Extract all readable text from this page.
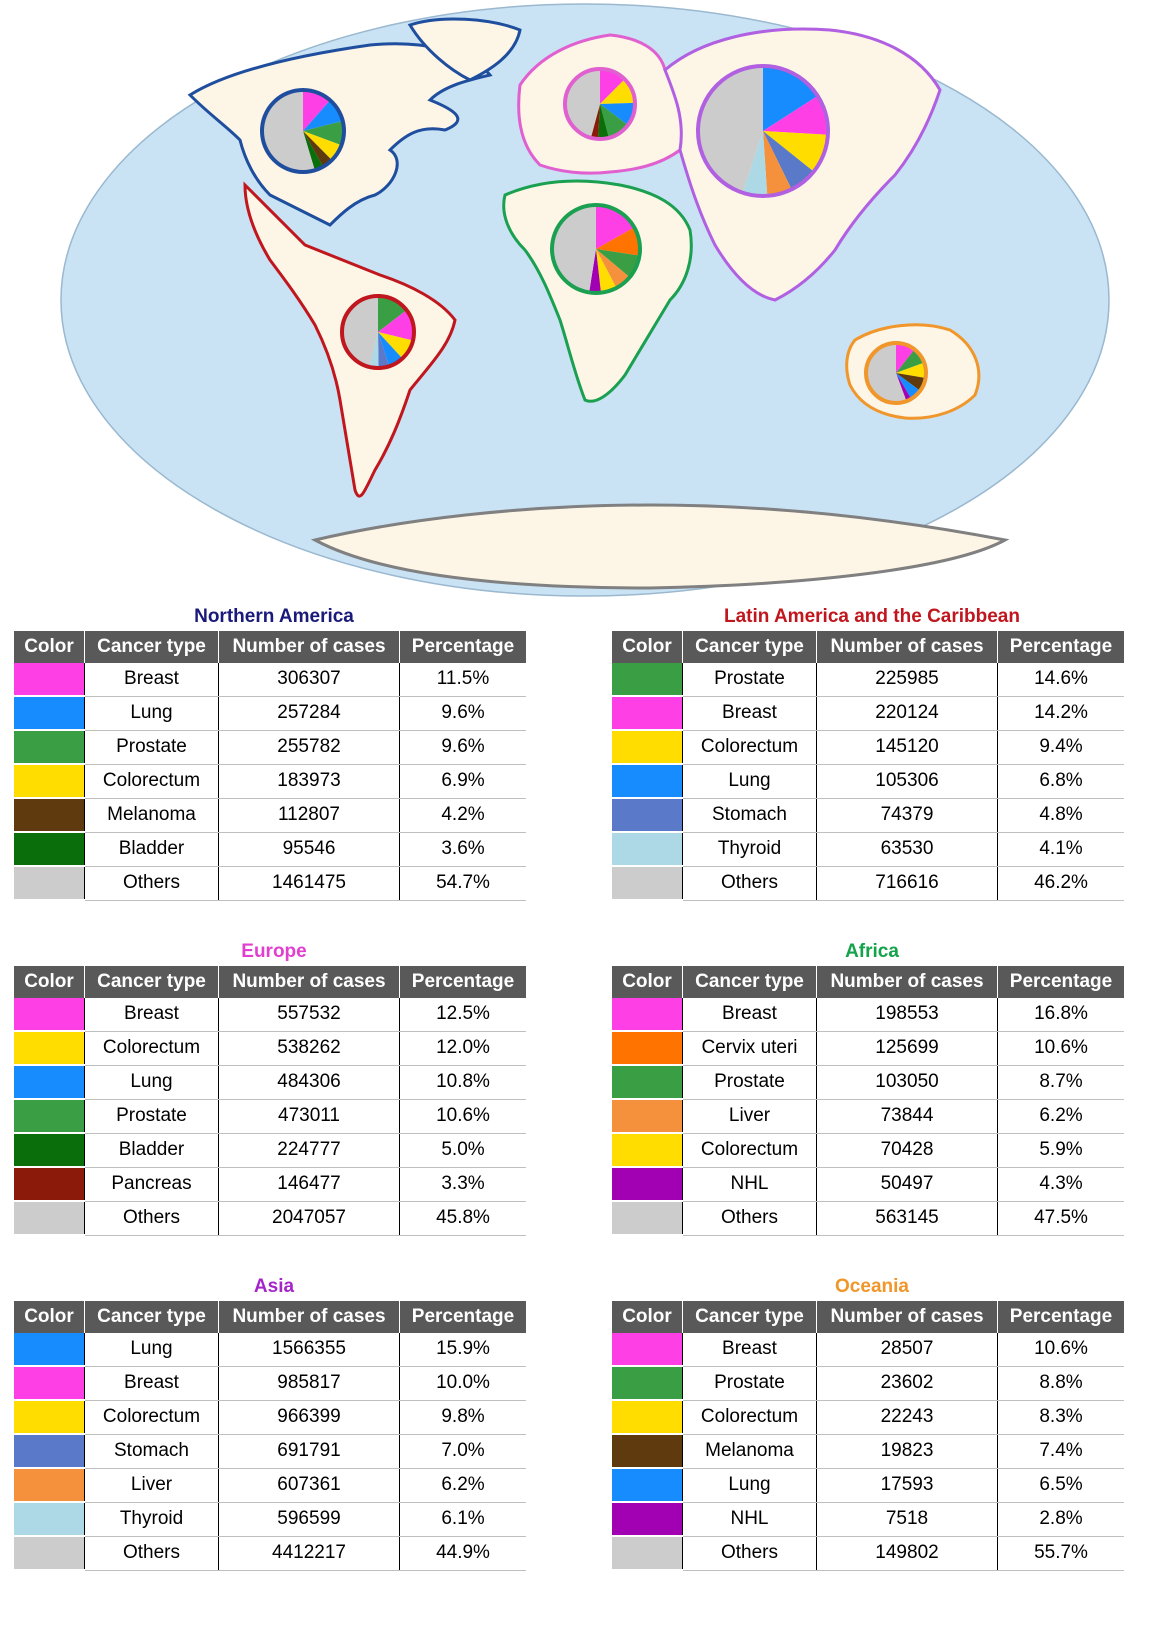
Northern America
Color	Cancer type	Number of cases	Percentage
	Breast	306307	11.5%
	Lung	257284	9.6%
	Prostate	255782	9.6%
	Colorectum	183973	6.9%
	Melanoma	112807	4.2%
	Bladder	95546	3.6%
	Others	1461475	54.7%
Latin America and the Caribbean
Color	Cancer type	Number of cases	Percentage
	Prostate	225985	14.6%
	Breast	220124	14.2%
	Colorectum	145120	9.4%
	Lung	105306	6.8%
	Stomach	74379	4.8%
	Thyroid	63530	4.1%
	Others	716616	46.2%
Europe
Color	Cancer type	Number of cases	Percentage
	Breast	557532	12.5%
	Colorectum	538262	12.0%
	Lung	484306	10.8%
	Prostate	473011	10.6%
	Bladder	224777	5.0%
	Pancreas	146477	3.3%
	Others	2047057	45.8%
Africa
Color	Cancer type	Number of cases	Percentage
	Breast	198553	16.8%
	Cervix uteri	125699	10.6%
	Prostate	103050	8.7%
	Liver	73844	6.2%
	Colorectum	70428	5.9%
	NHL	50497	4.3%
	Others	563145	47.5%
Asia
Color	Cancer type	Number of cases	Percentage
	Lung	1566355	15.9%
	Breast	985817	10.0%
	Colorectum	966399	9.8%
	Stomach	691791	7.0%
	Liver	607361	6.2%
	Thyroid	596599	6.1%
	Others	4412217	44.9%
Oceania
Color	Cancer type	Number of cases	Percentage
	Breast	28507	10.6%
	Prostate	23602	8.8%
	Colorectum	22243	8.3%
	Melanoma	19823	7.4%
	Lung	17593	6.5%
	NHL	7518	2.8%
	Others	149802	55.7%
